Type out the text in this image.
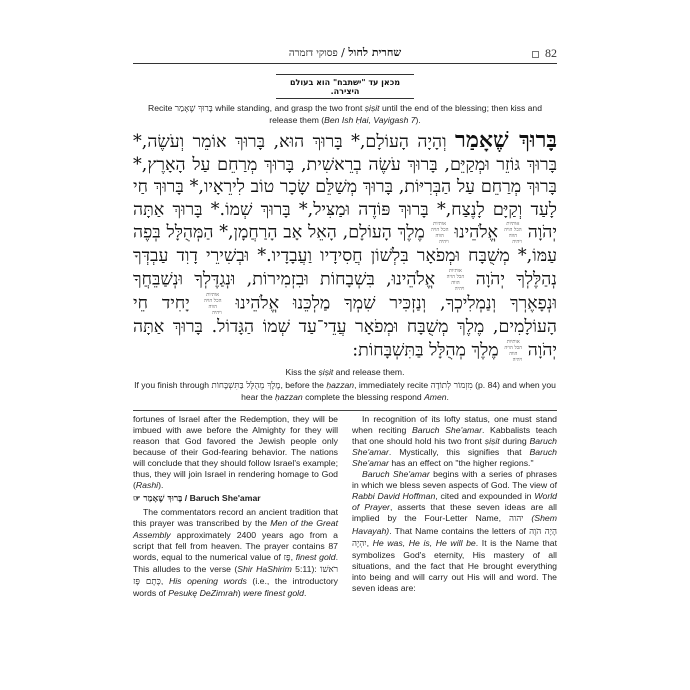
שחרית לחול / פסוקי דזמרה	82
מכאן עד "ישתבח" הוא בעולם היצירה.
Recite בָּרוּךְ שֶׁאָמַר while standing, and grasp the two front ṣiṣit until the end of the blessing; then kiss and release them (Ben Ish Ḥai, Vayigash 7).
בָּרוּךְ שֶׁאָמַר וְהָיָה הָעוֹלָם,* בָּרוּךְ הוּא, בָּרוּךְ אוֹמֵר וְעֹשֶׂה,* בָּרוּךְ גּוֹזֵר וּמְקַיֵּם, בָּרוּךְ עֹשֶׂה בְרֵאשִׁית, בָּרוּךְ מְרַחֵם עַל הָאָרֶץ,* בָּרוּךְ מְרַחֵם עַל הַבְּרִיּוֹת, בָּרוּךְ מְשַׁלֵּם שָׂכָר טוֹב לִירֵאָיו,* בָּרוּךְ חַי לָעַד וְקַיָּם לָנֶצַח,* בָּרוּךְ פּוֹדֶה וּמַצִּיל,* בָּרוּךְ שְׁמוֹ.* בָּרוּךְ אַתָּה יְהֹוָה אותיות הכל הויה הווה ויהיה אֱלֹהֵינוּ אותיות הכל הויה הווה ויהיה מֶלֶךְ הָעוֹלָם, הָאֵל אָב הָרַחֲמָן,* הַמְּהֻלָּל בְּפֶה עַמּוֹ,* מְשֻׁבָּח וּמְפֹאָר בִּלְשׁוֹן חֲסִידָיו וַעֲבָדָיו.* וּבְשִׁירֵי דָוִד עַבְדְּךָ נְהַלֶּלְךָ יְהֹוָה אותיות הכל הויה הווה ויהיה אֱלֹהֵינוּ, בִּשְׁבָחוֹת וּבִזְמִירוֹת, וּנְגַדֶּלְךָ וּנְשַׁבֵּחֲךָ וּנְפָאֶרְךָ וְנַמְלִיכְךָ, וְנַזְכִּיר שִׁמְךָ מַלְכֵּנוּ אֱלֹהֵינוּ אותיות הכל הויה הווה ויהיה יָחִיד חֵי הָעוֹלָמִים, מֶלֶךְ מְשֻׁבָּח וּמְפֹאָר עֲדֵי־עַד שְׁמוֹ הַגָּדוֹל. בָּרוּךְ אַתָּה יְהֹוָה אותיות הכל הויה הווה ויהיה מֶלֶךְ מְהֻלָּל בַּתִּשְׁבָּחוֹת:
Kiss the ṣiṣit and release them.
If you finish through מֶלֶךְ מְהֻלָּל בַּתִּשְׁבָּחוֹת, before the ḥazzan, immediately recite מִזְמוֹר לְתוֹדָה (p. 84) and when you hear the ḥazzan complete the blessing respond Amen.

fortunes of Israel after the Redemption, they will be imbued with awe before the Almighty for they will reason that God favored the Jewish people only because of their God-fearing behavior. The nations will conclude that they should follow Israel's example; thus, they will join Israel in rendering homage to God (Rashi).

☞ בָּרוּךְ שֶׁאָמַר / Baruch She'amar

The commentators record an ancient tradition that this prayer was transcribed by the Men of the Great Assembly approximately 2400 years ago from a script that fell from heaven. The prayer contains 87 words, equal to the numerical value of פָּז, finest gold. This alludes to the verse (Shir HaShirim 5:11): רֹאשׁוֹ כֶּתֶם פָּז, His opening words (i.e., the introductory words of Pesukę DeZimrah) were finest gold.

In recognition of its lofty status, one must stand when reciting Baruch She'amar. Kabbalists teach that one should hold his two front ṣiṣit during Baruch She'amar. Mystically, this signifies that Baruch She'amar has an effect on "the higher regions."

Baruch She'amar begins with a series of phrases in which we bless seven aspects of God. The view of Rabbi David Hoffman, cited and expounded in World of Prayer, asserts that these seven ideas are all implied by the Four-Letter Name, יהוה (Shem Havayah). That Name contains the letters of הָיָה הֹוֶה יִהְיֶה, He was, He is, He will be. It is the Name that symbolizes God's eternity, His mastery of all situations, and the fact that He brought everything into being and will carry out His will and word. The seven ideas are:
